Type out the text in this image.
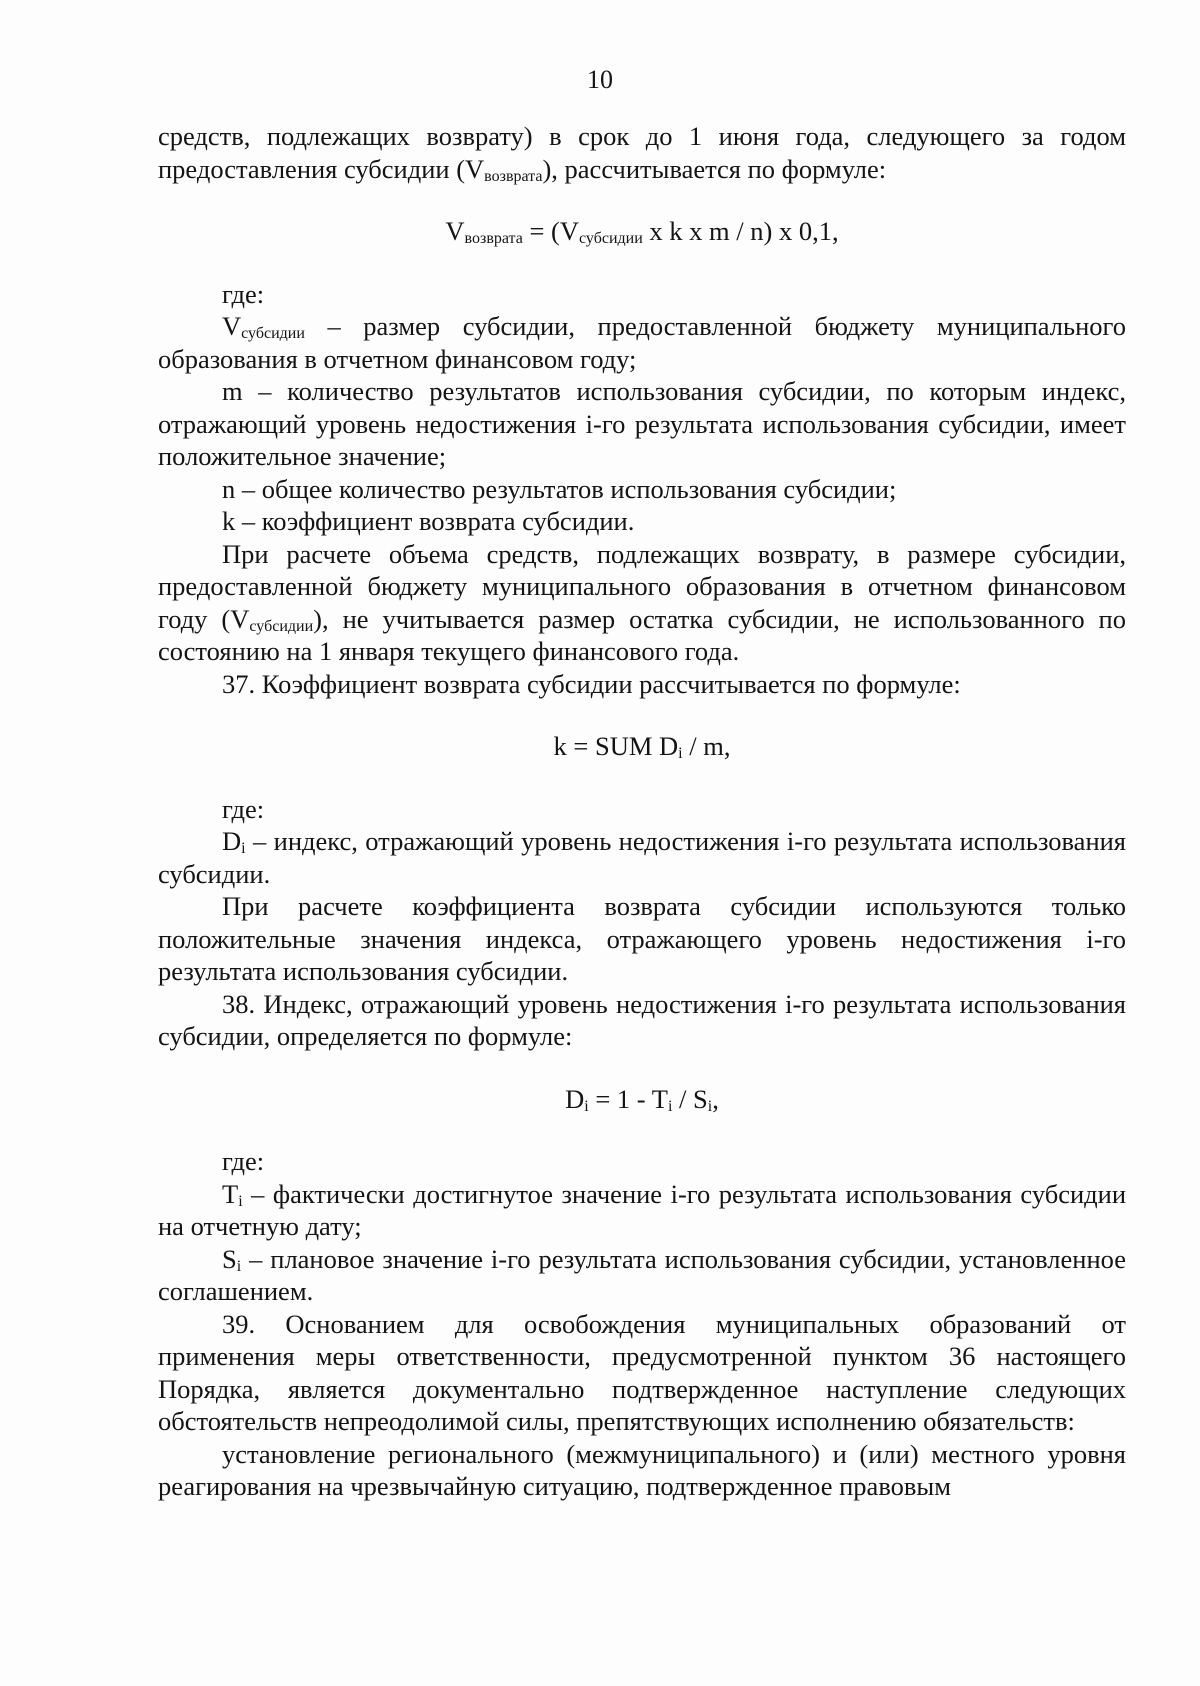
10

средств, подлежащих возврату) в срок до 1 июня года, следующего за годом предоставления субсидии $(V_{возврата})$, рассчитывается по формуле:

$V_{возврата} = (V_{субсидии}$ x k x m / n) x 0,1,

где:

$V_{субсидии}$ – размер субсидии, предоставленной бюджету муниципального образования в отчетном финансовом году;

m – количество результатов использования субсидии, по которым индекс, отражающий уровень недостижения i-го результата использования субсидии, имеет положительное значение;

n – общее количество результатов использования субсидии;

k – коэффициент возврата субсидии.

При расчете объема средств, подлежащих возврату, в размере субсидии, предоставленной бюджету муниципального образования в отчетном финансовом году $(V_{субсидии})$, не учитывается размер остатка субсидии, не использованного по состоянию на 1 января текущего финансового года.

37. Коэффициент возврата субсидии рассчитывается по формуле:

k = SUM $D_i$ / m,

где:

$D_i$ – индекс, отражающий уровень недостижения i-го результата использования субсидии.

При расчете коэффициента возврата субсидии используются только положительные значения индекса, отражающего уровень недостижения i-го результата использования субсидии.

38. Индекс, отражающий уровень недостижения i-го результата использования субсидии, определяется по формуле:

$D_i = 1 - T_i / S_i$,

где:

$T_i$ – фактически достигнутое значение i-го результата использования субсидии на отчетную дату;

$S_i$ – плановое значение i-го результата использования субсидии, установленное соглашением.

39. Основанием для освобождения муниципальных образований от применения меры ответственности, предусмотренной пунктом 36 настоящего Порядка, является документально подтвержденное наступление следующих обстоятельств непреодолимой силы, препятствующих исполнению обязательств:

установление регионального (межмуниципального) и (или) местного уровня реагирования на чрезвычайную ситуацию, подтвержденное правовым
